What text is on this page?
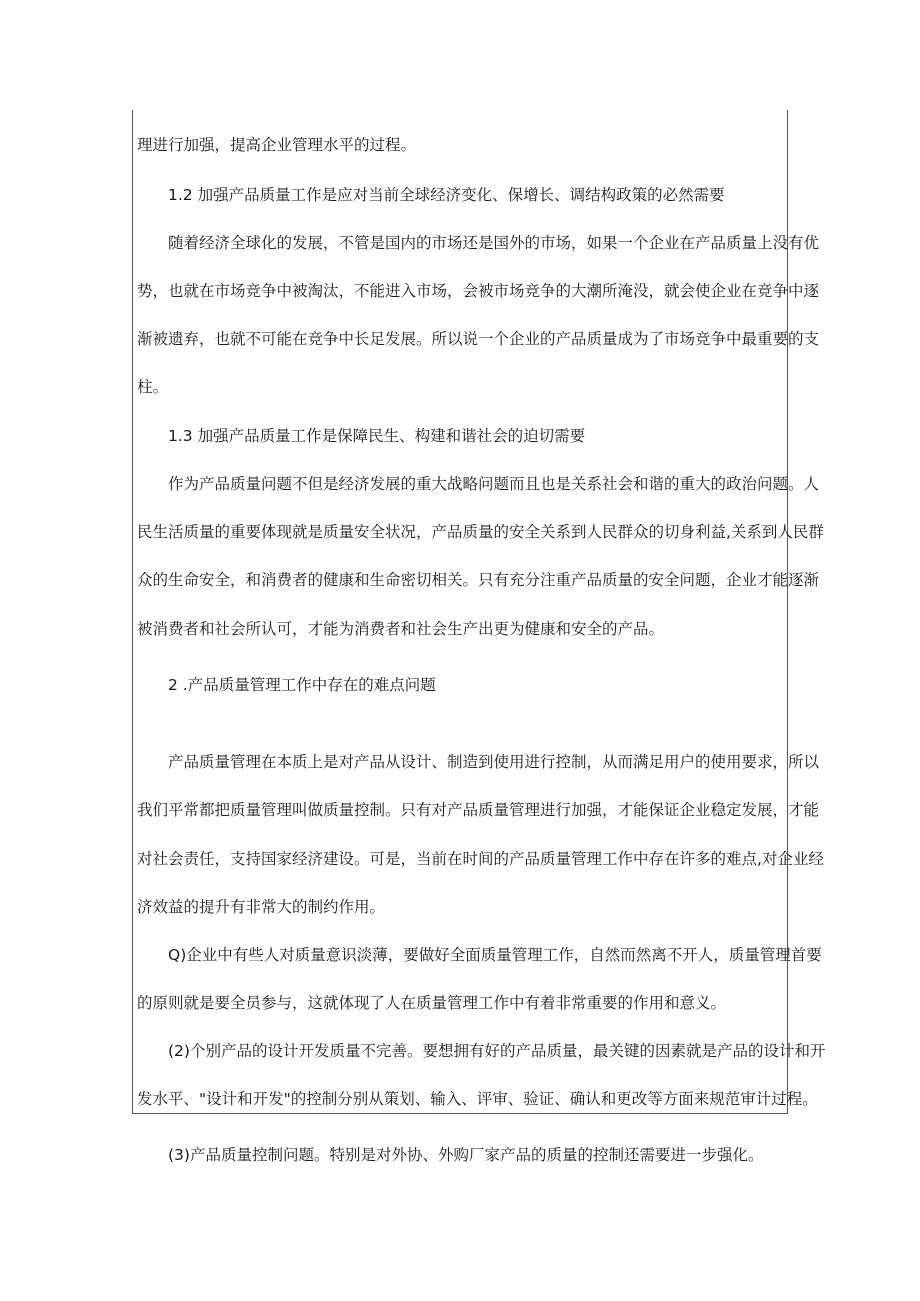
理进行加强，提高企业管理水平的过程。
1.2 加强产品质量工作是应对当前全球经济变化、保增长、调结构政策的必然需要
随着经济全球化的发展，不管是国内的市场还是国外的市场，如果一个企业在产品质量上没有优
势，也就在市场竞争中被淘汰，不能进入市场，会被市场竞争的大潮所淹没，就会使企业在竞争中逐
渐被遗弃，也就不可能在竞争中长足发展。所以说一个企业的产品质量成为了市场竞争中最重要的支
柱。
1.3 加强产品质量工作是保障民生、构建和谐社会的迫切需要
作为产品质量问题不但是经济发展的重大战略问题而且也是关系社会和谐的重大的政治问题。人
民生活质量的重要体现就是质量安全状况，产品质量的安全关系到人民群众的切身利益,关系到人民群
众的生命安全，和消费者的健康和生命密切相关。只有充分注重产品质量的安全问题，企业才能逐渐
被消费者和社会所认可，才能为消费者和社会生产出更为健康和安全的产品。
2 .产品质量管理工作中存在的难点问题
产品质量管理在本质上是对产品从设计、制造到使用进行控制，从而满足用户的使用要求，所以
我们平常都把质量管理叫做质量控制。只有对产品质量管理进行加强，才能保证企业稳定发展，才能
对社会责任，支持国家经济建设。可是，当前在时间的产品质量管理工作中存在许多的难点,对企业经
济效益的提升有非常大的制约作用。
Q)企业中有些人对质量意识淡薄，要做好全面质量管理工作，自然而然离不开人，质量管理首要
的原则就是要全员参与，这就体现了人在质量管理工作中有着非常重要的作用和意义。
(2)个别产品的设计开发质量不完善。要想拥有好的产品质量，最关键的因素就是产品的设计和开
发水平、"设计和开发"的控制分别从策划、输入、评审、验证、确认和更改等方面来规范审计过程。
(3)产品质量控制问题。特别是对外协、外购厂家产品的质量的控制还需要进一步强化。
